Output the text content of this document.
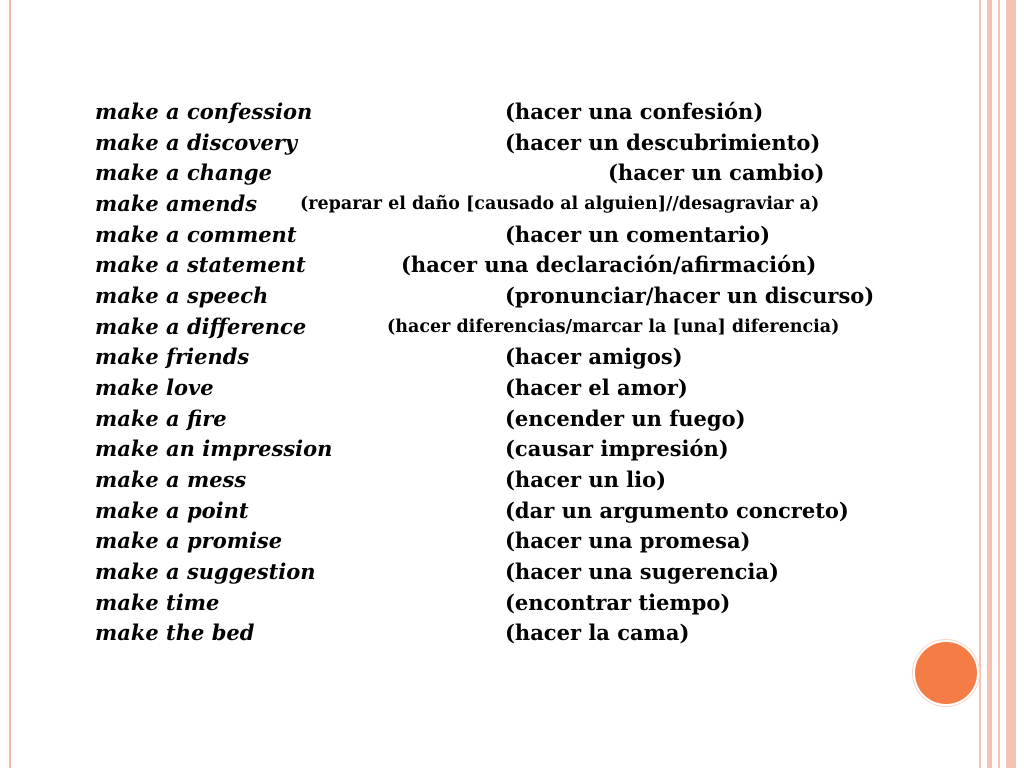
make a confession	(hacer una confesión)
make a discovery	(hacer un descubrimiento)
make a change	(hacer un cambio)
make amends (reparar el daño [causado al alguien]//desagraviar a)
make a comment	(hacer un comentario)
make a statement	(hacer una declaración/afirmación)
make a speech	(pronunciar/hacer un discurso)
make a difference	(hacer diferencias/marcar la [una] diferencia)
make friends	(hacer amigos)
make love	(hacer el amor)
make a fire	(encender un fuego)
make an impression	(causar impresión)
make a mess	(hacer un lio)
make a point	(dar un argumento concreto)
make a promise	(hacer una promesa)
make a suggestion	(hacer una sugerencia)
make time	(encontrar tiempo)
make the bed	(hacer la cama)
